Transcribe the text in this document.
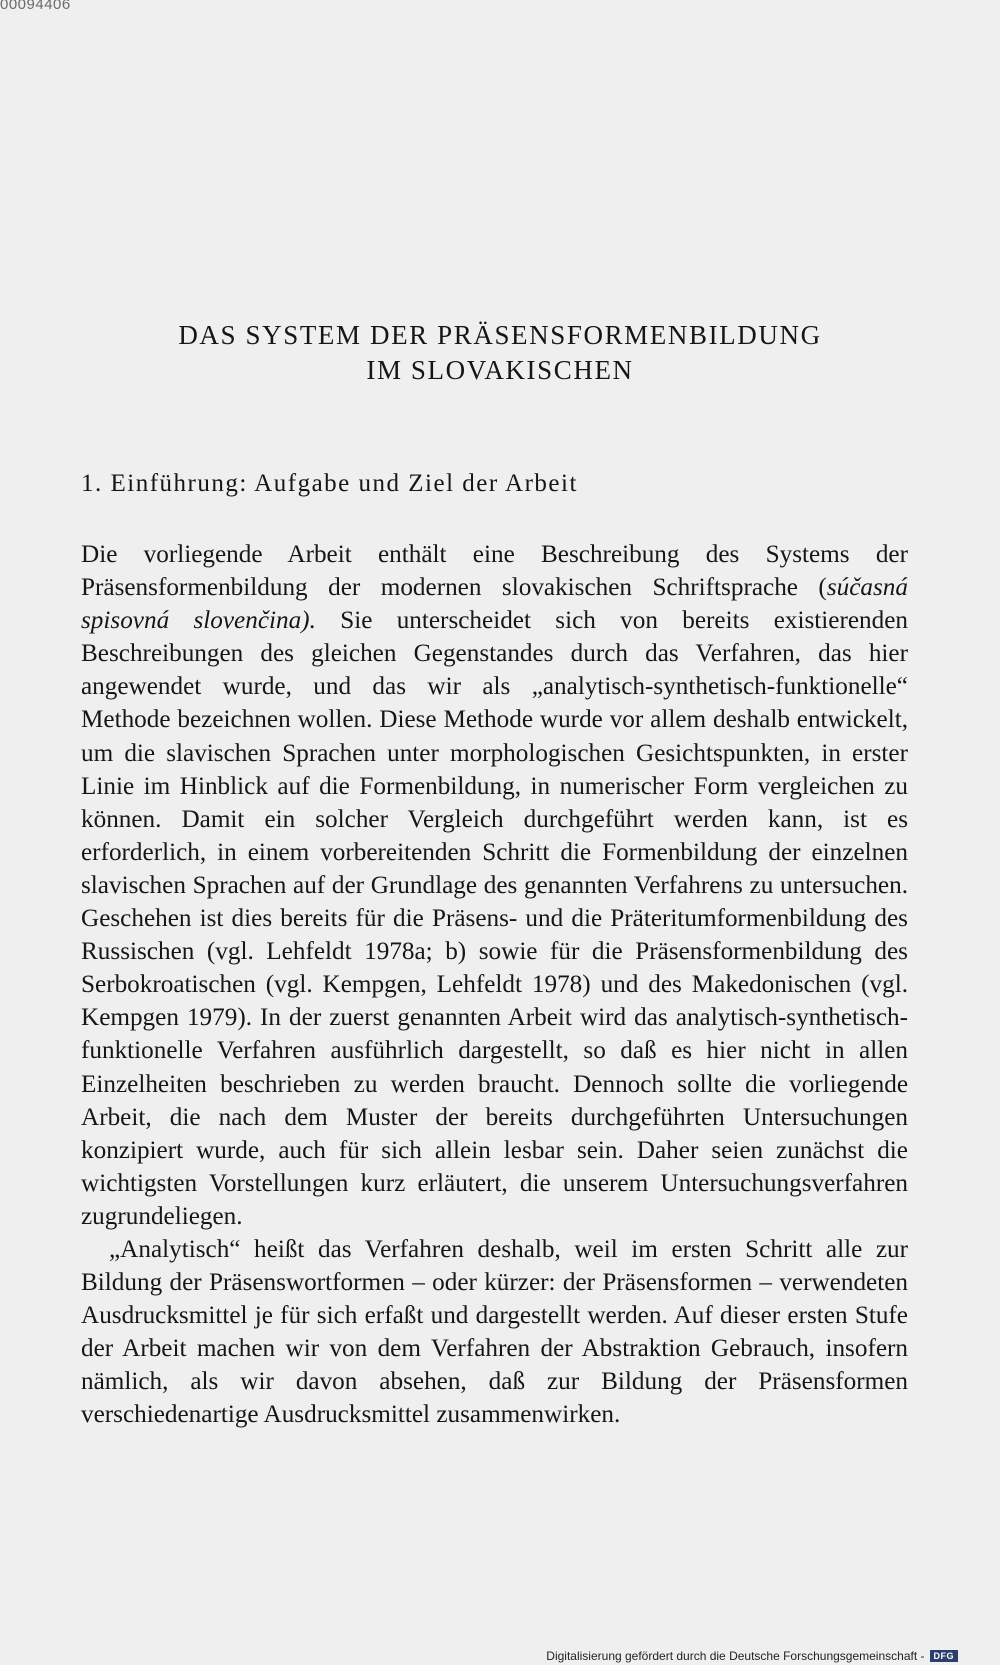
00094406
DAS SYSTEM DER PRÄSENSFORMENBILDUNG
IM SLOVAKISCHEN
1. Einführung: Aufgabe und Ziel der Arbeit

Die vorliegende Arbeit enthält eine Beschreibung des Systems der Präsensformenbildung der modernen slovakischen Schriftsprache (súčasná spisovná slovenčina). Sie unterscheidet sich von bereits existierenden Beschreibungen des gleichen Gegenstandes durch das Verfahren, das hier angewendet wurde, und das wir als „analytisch-synthetisch-funktionelle“ Methode bezeichnen wollen. Diese Methode wurde vor allem deshalb entwickelt, um die slavischen Sprachen unter morphologischen Gesichtspunkten, in erster Linie im Hinblick auf die Formenbildung, in numerischer Form vergleichen zu können. Damit ein solcher Vergleich durchgeführt werden kann, ist es erforderlich, in einem vorbereitenden Schritt die Formenbildung der einzelnen slavischen Sprachen auf der Grundlage des genannten Verfahrens zu untersuchen. Geschehen ist dies bereits für die Präsens- und die Präteritumformenbildung des Russischen (vgl. Lehfeldt 1978a; b) sowie für die Präsensformenbildung des Serbokroatischen (vgl. Kempgen, Lehfeldt 1978) und des Makedonischen (vgl. Kempgen 1979). In der zuerst genannten Arbeit wird das analytisch-synthetisch-funktionelle Verfahren ausführlich dargestellt, so daß es hier nicht in allen Einzelheiten beschrieben zu werden braucht. Dennoch sollte die vorliegende Arbeit, die nach dem Muster der bereits durchgeführten Untersuchungen konzipiert wurde, auch für sich allein lesbar sein. Daher seien zunächst die wichtigsten Vorstellungen kurz erläutert, die unserem Untersuchungsverfahren zugrundeliegen.

„Analytisch“ heißt das Verfahren deshalb, weil im ersten Schritt alle zur Bildung der Präsenswortformen – oder kürzer: der Präsensformen – verwendeten Ausdrucksmittel je für sich erfaßt und dargestellt werden. Auf dieser ersten Stufe der Arbeit machen wir von dem Verfahren der Abstraktion Gebrauch, insofern nämlich, als wir davon absehen, daß zur Bildung der Präsensformen verschiedenartige Ausdrucksmittel zusammenwirken.

Digitalisierung gefördert durch die Deutsche Forschungsgemeinschaft -	DFG
